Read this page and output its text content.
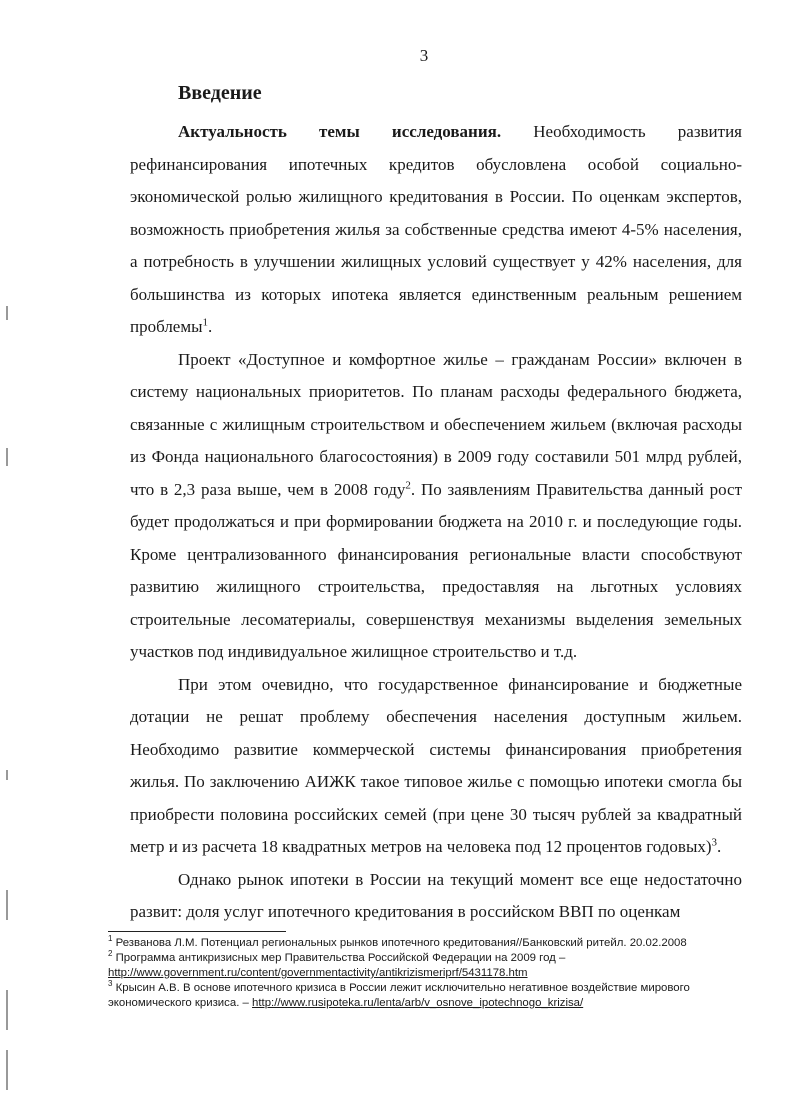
3
Введение

Актуальность темы исследования. Необходимость развития рефинансирования ипотечных кредитов обусловлена особой социально-экономической ролью жилищного кредитования в России. По оценкам экспертов, возможность приобретения жилья за собственные средства имеют 4-5% населения, а потребность в улучшении жилищных условий существует у 42% населения, для большинства из которых ипотека является единственным реальным решением проблемы$^1$.

Проект «Доступное и комфортное жилье – гражданам России» включен в систему национальных приоритетов. По планам расходы федерального бюджета, связанные с жилищным строительством и обеспечением жильем (включая расходы из Фонда национального благосостояния) в 2009 году составили 501 млрд рублей, что в 2,3 раза выше, чем в 2008 году$^2$. По заявлениям Правительства данный рост будет продолжаться и при формировании бюджета на 2010 г. и последующие годы. Кроме централизованного финансирования региональные власти способствуют развитию жилищного строительства, предоставляя на льготных условиях строительные лесоматериалы, совершенствуя механизмы выделения земельных участков под индивидуальное жилищное строительство и т.д.

При этом очевидно, что государственное финансирование и бюджетные дотации не решат проблему обеспечения населения доступным жильем. Необходимо развитие коммерческой системы финансирования приобретения жилья. По заключению АИЖК такое типовое жилье с помощью ипотеки смогла бы приобрести половина российских семей (при цене 30 тысяч рублей за квадратный метр и из расчета 18 квадратных метров на человека под 12 процентов годовых)$^3$.

Однако рынок ипотеки в России на текущий момент все еще недостаточно развит: доля услуг ипотечного кредитования в российском ВВП по оценкам

$^1$ Резванова Л.М. Потенциал региональных рынков ипотечного кредитования//Банковский ритейл. 20.02.2008

$^2$ Программа антикризисных мер Правительства Российской Федерации на 2009 год – http://www.government.ru/content/governmentactivity/antikrizismeriprf/5431178.htm

$^3$ Крысин А.В. В основе ипотечного кризиса в России лежит исключительно негативное воздействие мирового экономического кризиса. – http://www.rusipoteka.ru/lenta/arb/v_osnove_ipotechnogo_krizisa/
